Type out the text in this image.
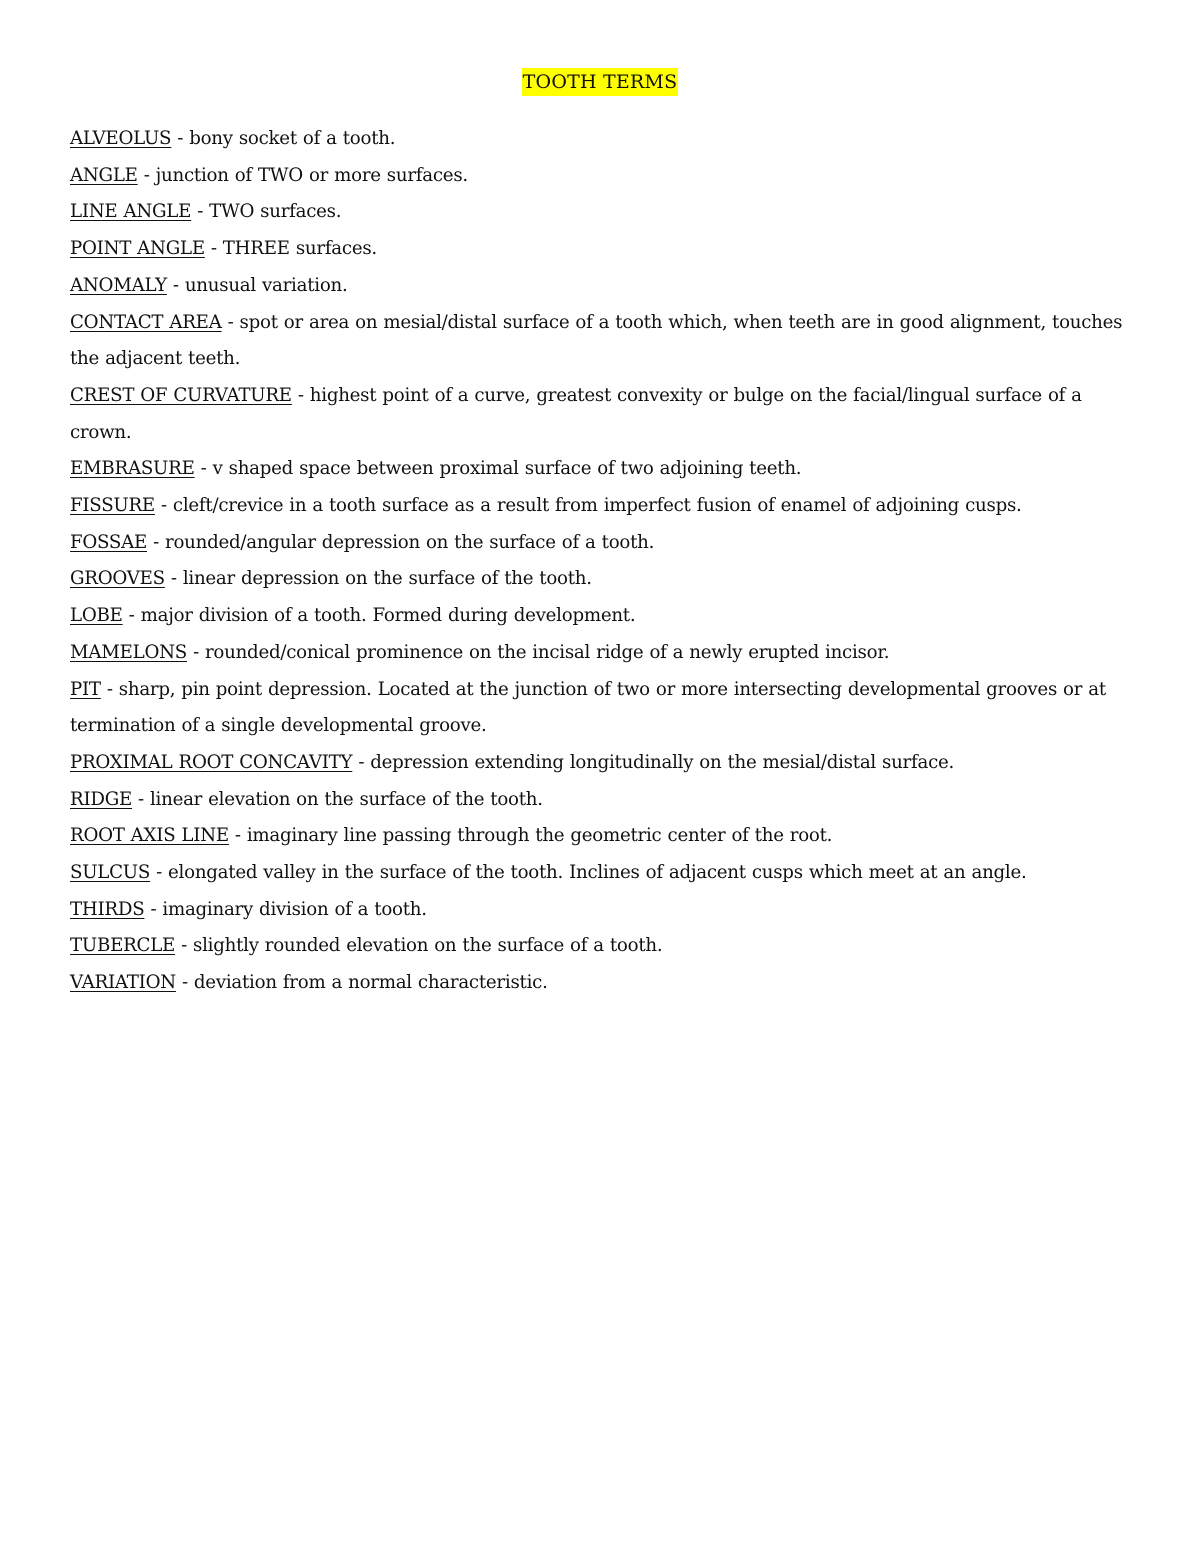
TOOTH TERMS
ALVEOLUS - bony socket of a tooth.
ANGLE - junction of TWO or more surfaces.
LINE ANGLE - TWO surfaces.
POINT ANGLE - THREE surfaces.
ANOMALY - unusual variation.
CONTACT AREA - spot or area on mesial/distal surface of a tooth which, when teeth are in good alignment, touches the adjacent teeth.
CREST OF CURVATURE - highest point of a curve, greatest convexity or bulge on the facial/lingual surface of a crown.
EMBRASURE - v shaped space between proximal surface of two adjoining teeth.
FISSURE - cleft/crevice in a tooth surface as a result from imperfect fusion of enamel of adjoining cusps.
FOSSAE - rounded/angular depression on the surface of a tooth.
GROOVES - linear depression on the surface of the tooth.
LOBE - major division of a tooth. Formed during development.
MAMELONS - rounded/conical prominence on the incisal ridge of a newly erupted incisor.
PIT - sharp, pin point depression. Located at the junction of two or more intersecting developmental grooves or at termination of a single developmental groove.
PROXIMAL ROOT CONCAVITY - depression extending longitudinally on the mesial/distal surface.
RIDGE - linear elevation on the surface of the tooth.
ROOT AXIS LINE - imaginary line passing through the geometric center of the root.
SULCUS - elongated valley in the surface of the tooth. Inclines of adjacent cusps which meet at an angle.
THIRDS - imaginary division of a tooth.
TUBERCLE - slightly rounded elevation on the surface of a tooth.
VARIATION - deviation from a normal characteristic.
